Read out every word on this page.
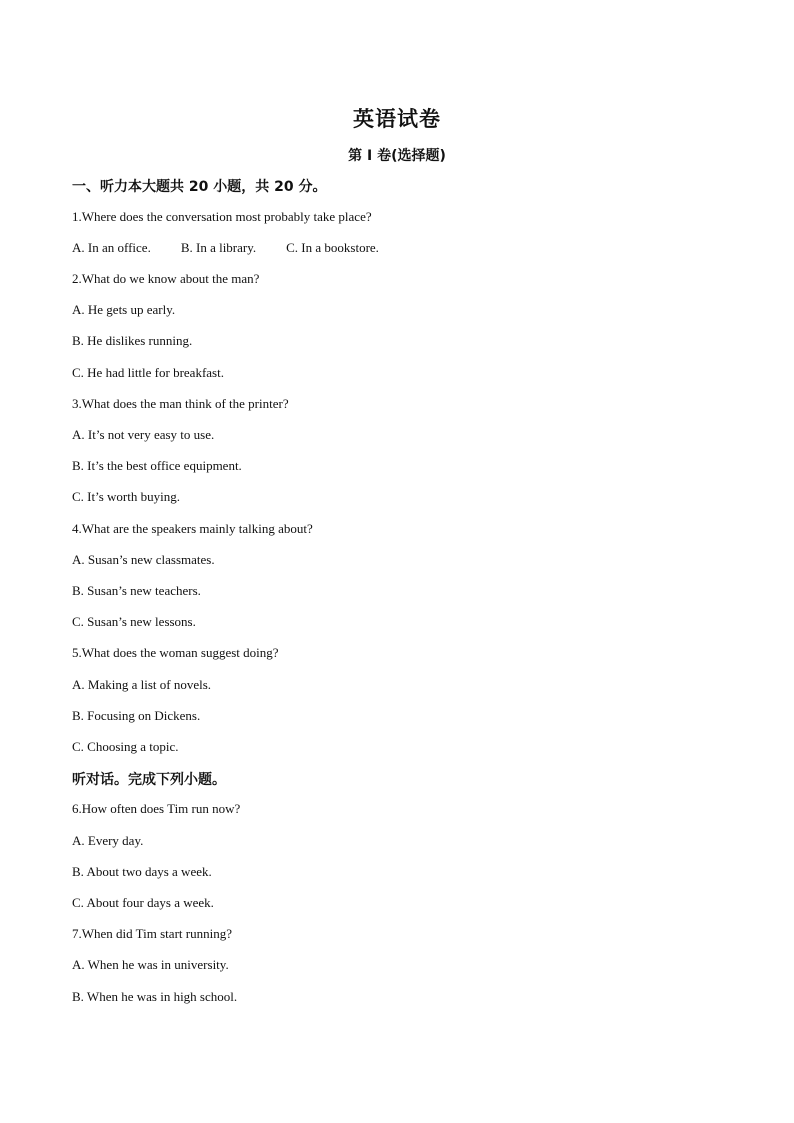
英语试卷
第 I 卷(选择题)
一、听力本大题共 20 小题，共 20 分。
1.Where does the conversation most probably take place?
A. In an office. B. In a library. C. In a bookstore.
2.What do we know about the man?
A. He gets up early.
B. He dislikes running.
C. He had little for breakfast.
3.What does the man think of the printer?
A. It’s not very easy to use.
B. It’s the best office equipment.
C. It’s worth buying.
4.What are the speakers mainly talking about?
A. Susan’s new classmates.
B. Susan’s new teachers.
C. Susan’s new lessons.
5.What does the woman suggest doing?
A. Making a list of novels.
B. Focusing on Dickens.
C. Choosing a topic.
听对话。完成下列小题。
6.How often does Tim run now?
A. Every day.
B. About two days a week.
C. About four days a week.
7.When did Tim start running?
A. When he was in university.
B. When he was in high school.
